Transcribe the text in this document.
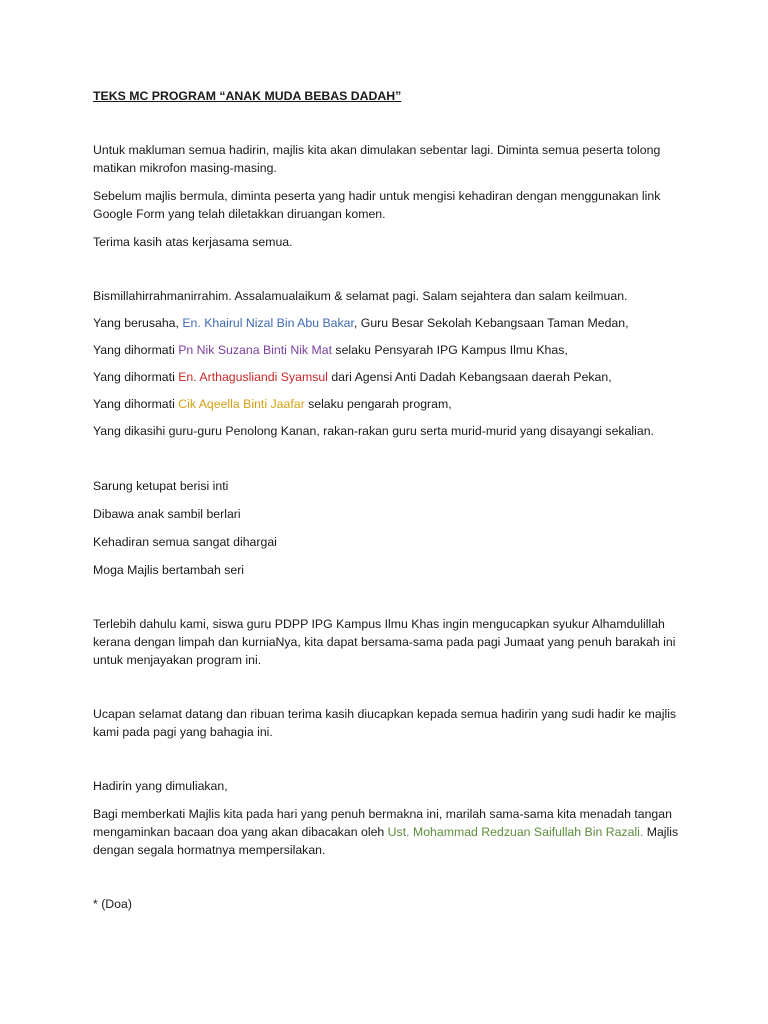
TEKS MC PROGRAM “ANAK MUDA BEBAS DADAH”

Untuk makluman semua hadirin, majlis kita akan dimulakan sebentar lagi. Diminta semua peserta tolong matikan mikrofon masing-masing.

Sebelum majlis bermula, diminta peserta yang hadir untuk mengisi kehadiran dengan menggunakan link Google Form yang telah diletakkan diruangan komen.

Terima kasih atas kerjasama semua.

Bismillahirrahmanirrahim. Assalamualaikum & selamat pagi. Salam sejahtera dan salam keilmuan.

Yang berusaha, En. Khairul Nizal Bin Abu Bakar, Guru Besar Sekolah Kebangsaan Taman Medan,

Yang dihormati Pn Nik Suzana Binti Nik Mat selaku Pensyarah IPG Kampus Ilmu Khas,

Yang dihormati En. Arthagusliandi Syamsul dari Agensi Anti Dadah Kebangsaan daerah Pekan,

Yang dihormati Cik Aqeella Binti Jaafar selaku pengarah program,

Yang dikasihi guru-guru Penolong Kanan, rakan-rakan guru serta murid-murid yang disayangi sekalian.

Sarung ketupat berisi inti

Dibawa anak sambil berlari

Kehadiran semua sangat dihargai

Moga Majlis bertambah seri

Terlebih dahulu kami, siswa guru PDPP IPG Kampus Ilmu Khas ingin mengucapkan syukur Alhamdulillah kerana dengan limpah dan kurniaNya, kita dapat bersama-sama pada pagi Jumaat yang penuh barakah ini untuk menjayakan program ini.

Ucapan selamat datang dan ribuan terima kasih diucapkan kepada semua hadirin yang sudi hadir ke majlis kami pada pagi yang bahagia ini.

Hadirin yang dimuliakan,

Bagi memberkati Majlis kita pada hari yang penuh bermakna ini, marilah sama-sama kita menadah tangan mengaminkan bacaan doa yang akan dibacakan oleh Ust. Mohammad Redzuan Saifullah Bin Razali. Majlis dengan segala hormatnya mempersilakan.

* (Doa)
